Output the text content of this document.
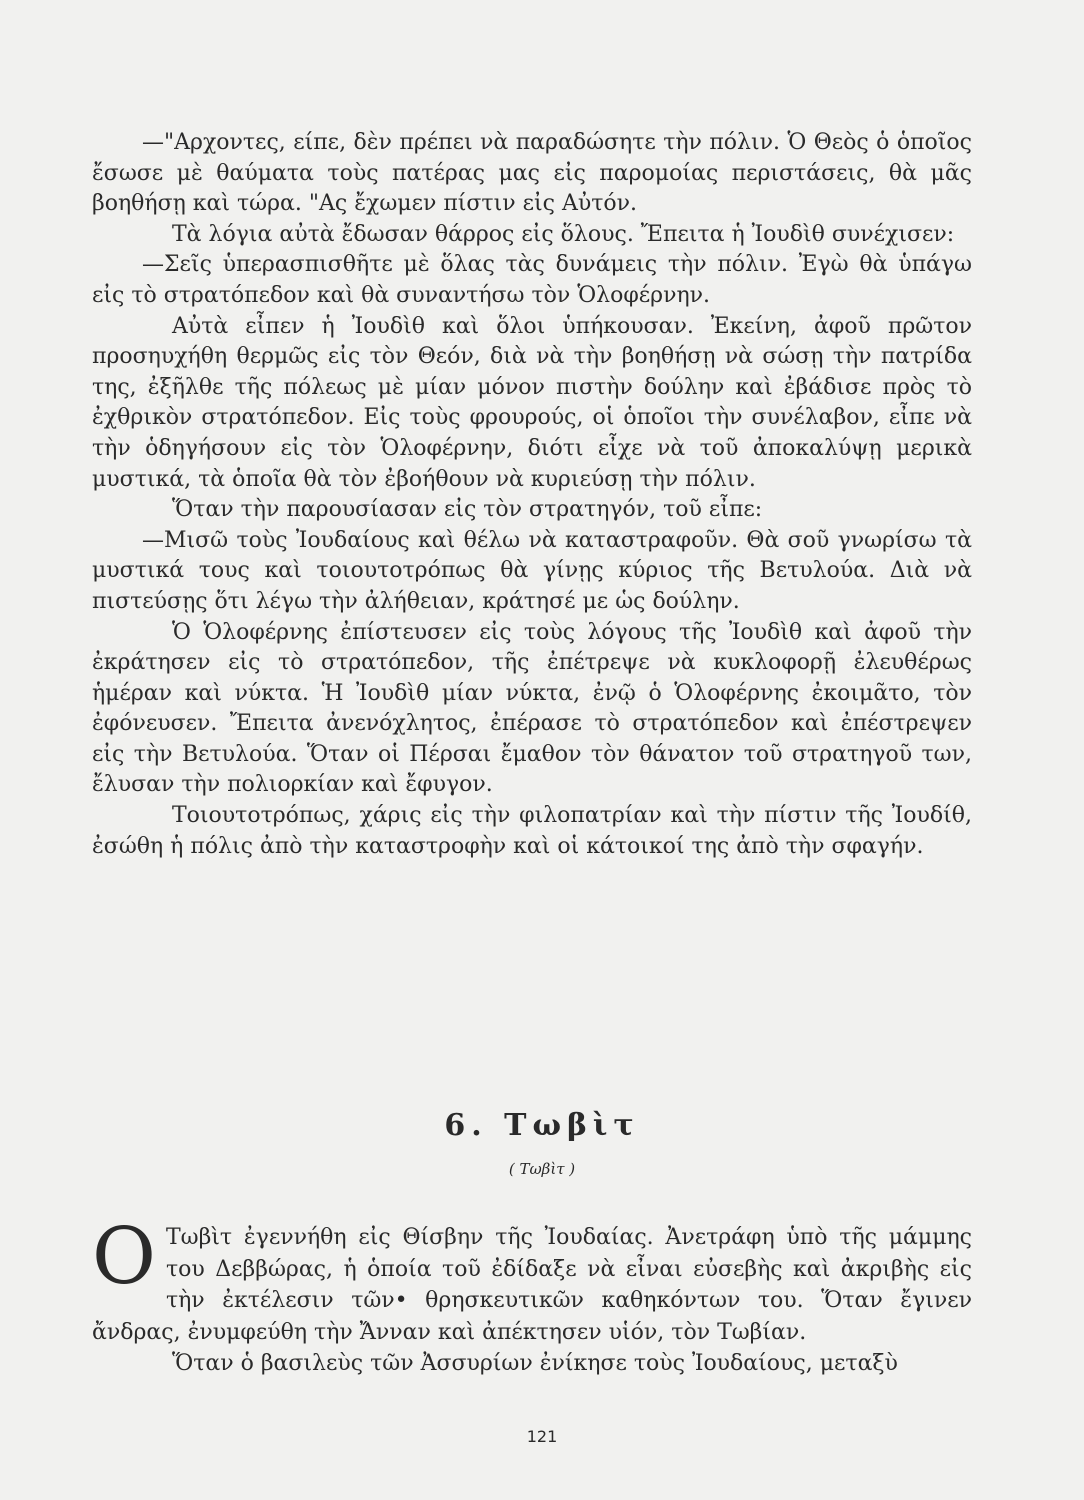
—"Αρχοντες, είπε, δὲν πρέπει νὰ παραδώσητε τὴν πόλιν. Ὁ Θεὸς ὁ ὁποῖος ἔσωσε μὲ θαύματα τοὺς πατέρας μας εἰς παρομοίας περιστάσεις, θὰ μᾶς βοηθήσῃ καὶ τώρα. "Ας ἔχωμεν πίστιν εἰς Αὐτόν.

Τὰ λόγια αὐτὰ ἔδωσαν θάρρος εἰς ὅλους. Ἔπειτα ἡ Ἰουδὶθ συνέχισεν:

—Σεῖς ὑπερασπισθῆτε μὲ ὅλας τὰς δυνάμεις τὴν πόλιν. Ἐγὼ θὰ ὑπάγω εἰς τὸ στρατόπεδον καὶ θὰ συναντήσω τὸν Ὁλοφέρνην.

Αὐτὰ εἶπεν ἡ Ἰουδὶθ καὶ ὅλοι ὑπήκουσαν. Ἐκείνη, ἀφοῦ πρῶτον προσηυχήθη θερμῶς εἰς τὸν Θεόν, διὰ νὰ τὴν βοηθήσῃ νὰ σώσῃ τὴν πατρίδα της, ἐξῆλθε τῆς πόλεως μὲ μίαν μόνον πιστὴν δούλην καὶ ἐβάδισε πρὸς τὸ ἐχθρικὸν στρατόπεδον. Εἰς τοὺς φρουρούς, οἱ ὁποῖοι τὴν συνέλαβον, εἶπε νὰ τὴν ὁδηγήσουν εἰς τὸν Ὁλοφέρνην, διότι εἶχε νὰ τοῦ ἀποκαλύψῃ μερικὰ μυστικά, τὰ ὁποῖα θὰ τὸν ἐβοήθουν νὰ κυριεύσῃ τὴν πόλιν.

Ὅταν τὴν παρουσίασαν εἰς τὸν στρατηγόν, τοῦ εἶπε:

—Μισῶ τοὺς Ἰουδαίους καὶ θέλω νὰ καταστραφοῦν. Θὰ σοῦ γνωρίσω τὰ μυστικά τους καὶ τοιουτοτρόπως θὰ γίνῃς κύριος τῆς Βετυλούα. Διὰ νὰ πιστεύσῃς ὅτι λέγω τὴν ἀλήθειαν, κράτησέ με ὡς δούλην.

Ὁ Ὁλοφέρνης ἐπίστευσεν εἰς τοὺς λόγους τῆς Ἰουδὶθ καὶ ἀφοῦ τὴν ἐκράτησεν εἰς τὸ στρατόπεδον, τῆς ἐπέτρεψε νὰ κυκλοφορῇ ἐλευθέρως ἡμέραν καὶ νύκτα. Ἡ Ἰουδὶθ μίαν νύκτα, ἐνῷ ὁ Ὁλοφέρνης ἐκοιμᾶτο, τὸν ἐφόνευσεν. Ἔπειτα ἀνενόχλητος, ἐπέρασε τὸ στρατόπεδον καὶ ἐπέστρεψεν εἰς τὴν Βετυλούα. Ὅταν οἱ Πέρσαι ἔμαθον τὸν θάνατον τοῦ στρατηγοῦ των, ἔλυσαν τὴν πολιορκίαν καὶ ἔφυγον.

Τοιουτοτρόπως, χάρις εἰς τὴν φιλοπατρίαν καὶ τὴν πίστιν τῆς Ἰουδίθ, ἐσώθη ἡ πόλις ἀπὸ τὴν καταστροφὴν καὶ οἱ κάτοικοί της ἀπὸ τὴν σφαγήν.

6. Τωβὶτ
( Τωβὶτ )
Ο Τωβὶτ ἐγεννήθη εἰς Θίσβην τῆς Ἰουδαίας. Ἀνετράφη ὑπὸ τῆς μάμμης του Δεββώρας, ἡ ὁποία τοῦ ἐδίδαξε νὰ εἶναι εὐσεβὴς καὶ ἀκριβὴς εἰς τὴν ἐκτέλεσιν τῶν• θρησκευτικῶν καθηκόντων του. Ὅταν ἔγινεν ἄνδρας, ἐνυμφεύθη τὴν Ἄνναν καὶ ἀπέκτησεν υἱόν, τὸν Τωβίαν.

Ὅταν ὁ βασιλεὺς τῶν Ἀσσυρίων ἐνίκησε τοὺς Ἰουδαίους, μεταξὺ

121
